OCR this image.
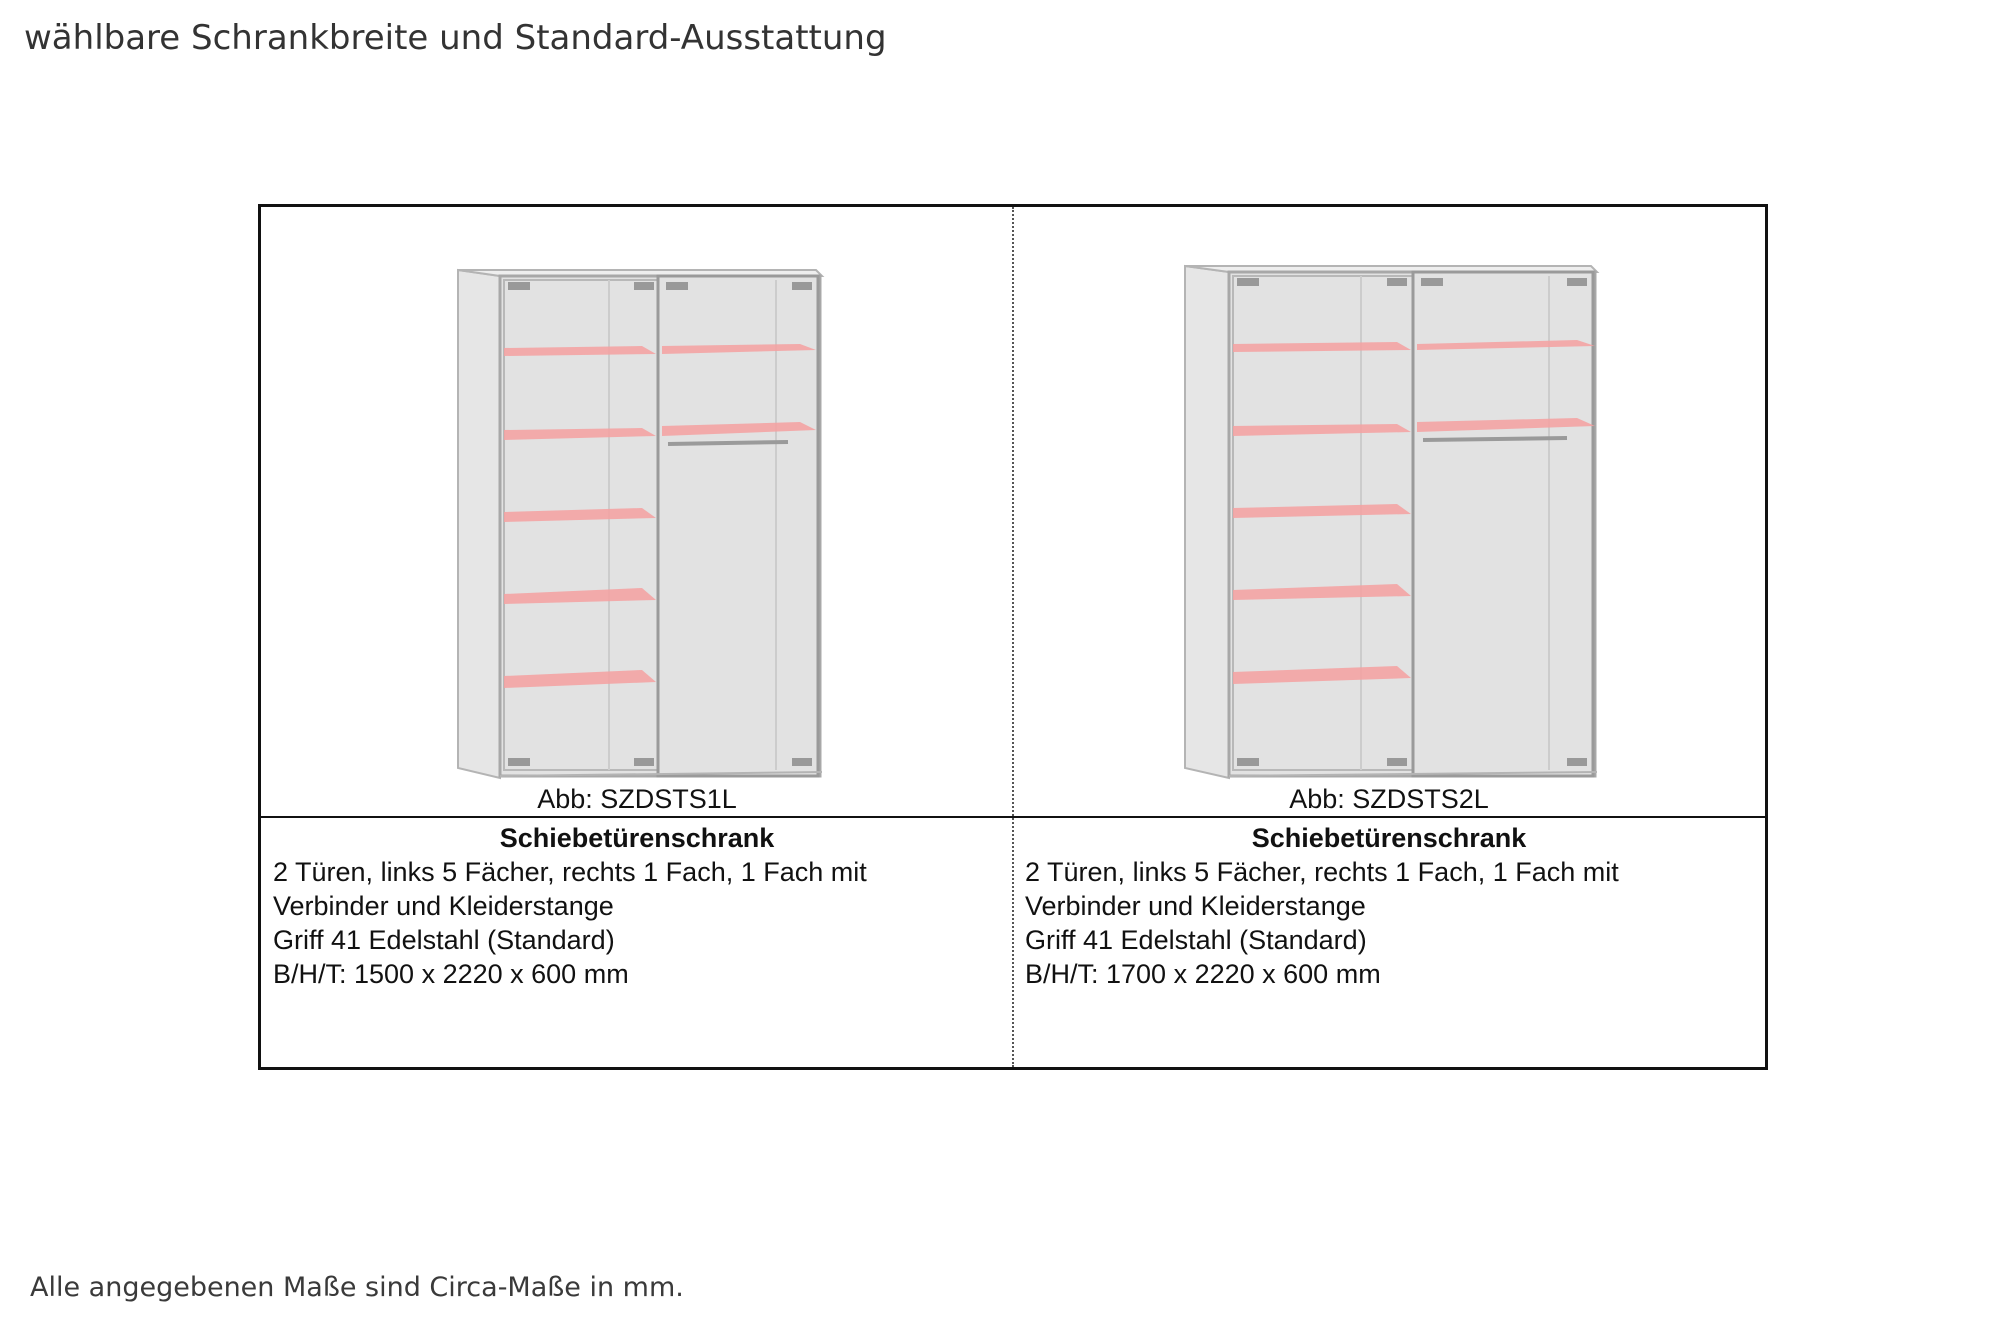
wählbare Schrankbreite und Standard-Ausstattung
Abb: SZDSTS1L	Abb: SZDSTS2L
Schiebetürenschrank
2 Türen, links 5 Fächer, rechts 1 Fach, 1 Fach mit
Verbinder und Kleiderstange
Griff 41 Edelstahl (Standard)
B/H/T: 1500 x 2220 x 600 mm
Schiebetürenschrank
2 Türen, links 5 Fächer, rechts 1 Fach, 1 Fach mit
Verbinder und Kleiderstange
Griff 41 Edelstahl (Standard)
B/H/T: 1700 x 2220 x 600 mm
Alle angegebenen Maße sind Circa-Maße in mm.
